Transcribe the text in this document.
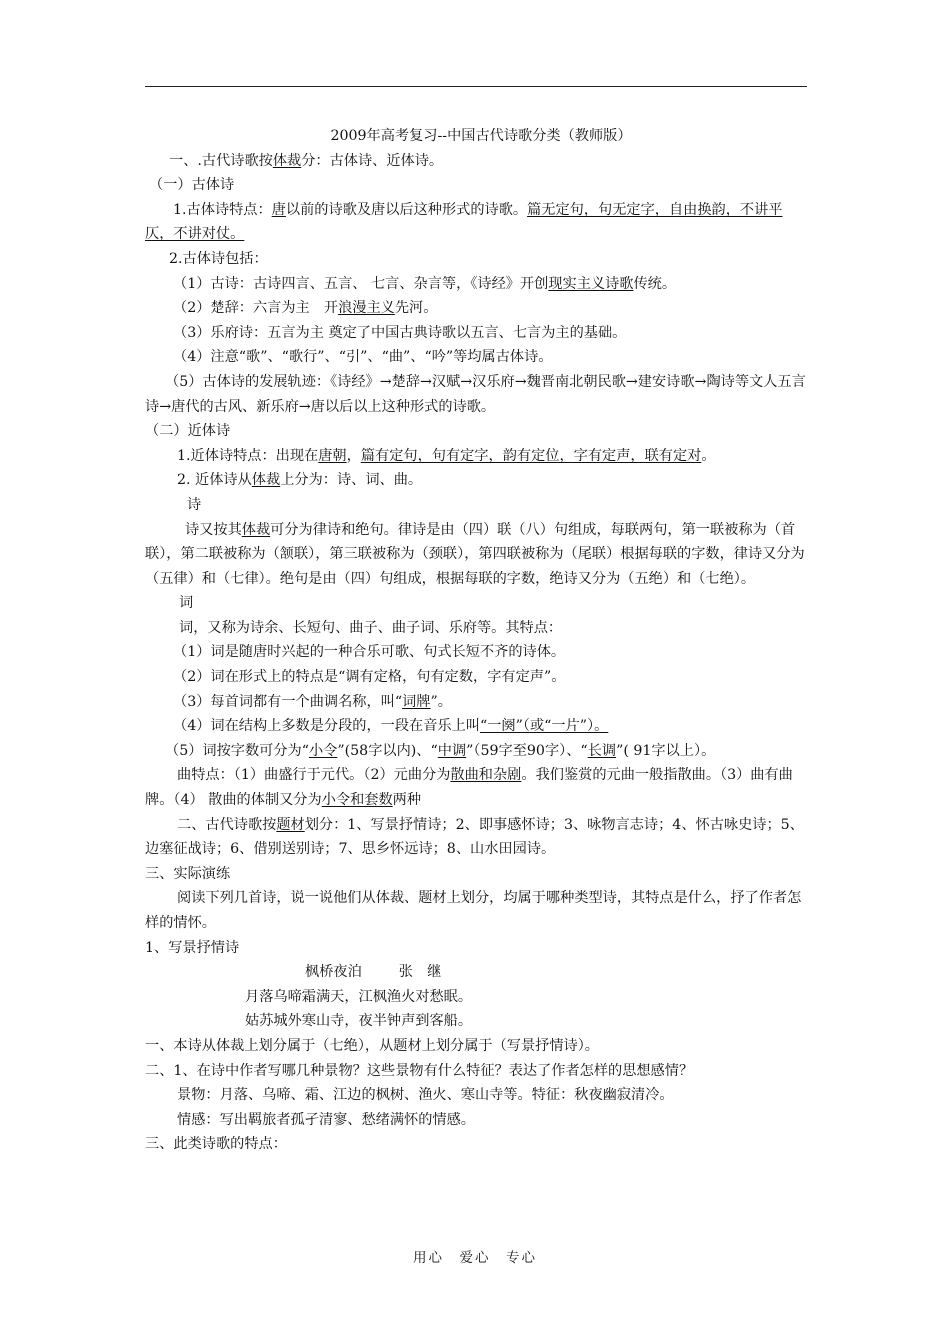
2009年高考复习--中国古代诗歌分类（教师版）

一、.古代诗歌按体裁分：古体诗、近体诗。

（一）古体诗

1.古体诗特点：唐以前的诗歌及唐以后这种形式的诗歌。篇无定句，句无定字，自由换韵，不讲平仄，不讲对仗。

2.古体诗包括：

（1）古诗：古诗四言、五言、 七言、杂言等，《诗经》开创现实主义诗歌传统。

（2）楚辞：六言为主　开浪漫主义先河。

（3）乐府诗：五言为主 奠定了中国古典诗歌以五言、七言为主的基础。

（4）注意“歌”、“歌行”、“引”、“曲”、“吟”等均属古体诗。

（5）古体诗的发展轨迹：《诗经》→楚辞→汉赋→汉乐府→魏晋南北朝民歌→建安诗歌→陶诗等文人五言诗→唐代的古风、新乐府→唐以后以上这种形式的诗歌。

（二）近体诗

1.近体诗特点：出现在唐朝，篇有定句，句有定字，韵有定位，字有定声，联有定对。

2. 近体诗从体裁上分为：诗、词、曲。

诗

诗又按其体裁可分为律诗和绝句。律诗是由（四）联（八）句组成，每联两句，第一联被称为（首联），第二联被称为（颔联），第三联被称为（颈联），第四联被称为（尾联）根据每联的字数，律诗又分为（五律）和（七律）。绝句是由（四）句组成，根据每联的字数，绝诗又分为（五绝）和（七绝）。

词

词，又称为诗余、长短句、曲子、曲子词、乐府等。其特点：

（1）词是随唐时兴起的一种合乐可歌、句式长短不齐的诗体。

（2）词在形式上的特点是“调有定格，句有定数，字有定声”。

（3）每首词都有一个曲调名称，叫“词牌”。

（4）词在结构上多数是分段的，一段在音乐上叫“一阕”（或“一片”）。

（5）词按字数可分为“小令”(58字以内)、“中调”（59字至90字）、“长调”( 91字以上）。

曲特点：（1）曲盛行于元代。（2）元曲分为散曲和杂剧。我们鉴赏的元曲一般指散曲。（3）曲有曲牌。（4） 散曲的体制又分为小令和套数两种

二、古代诗歌按题材划分：1、写景抒情诗；2、即事感怀诗；3、咏物言志诗；4、怀古咏史诗；5、边塞征战诗；6、借别送别诗；7、思乡怀远诗；8、山水田园诗。

三、实际演练

阅读下列几首诗，说一说他们从体裁、题材上划分，均属于哪种类型诗，其特点是什么，抒了作者怎样的情怀。

1、写景抒情诗

枫桥夜泊	张　继

月落乌啼霜满天，江枫渔火对愁眠。

姑苏城外寒山寺，夜半钟声到客船。

一、本诗从体裁上划分属于（七绝），从题材上划分属于（写景抒情诗）。

二、1、在诗中作者写哪几种景物？这些景物有什么特征？表达了作者怎样的思想感情？

景物：月落、乌啼、霜、江边的枫树、渔火、寒山寺等。特征：秋夜幽寂清冷。

情感：写出羁旅者孤孑清寥、愁绪满怀的情感。

三、此类诗歌的特点：

用心　爱心　专心
